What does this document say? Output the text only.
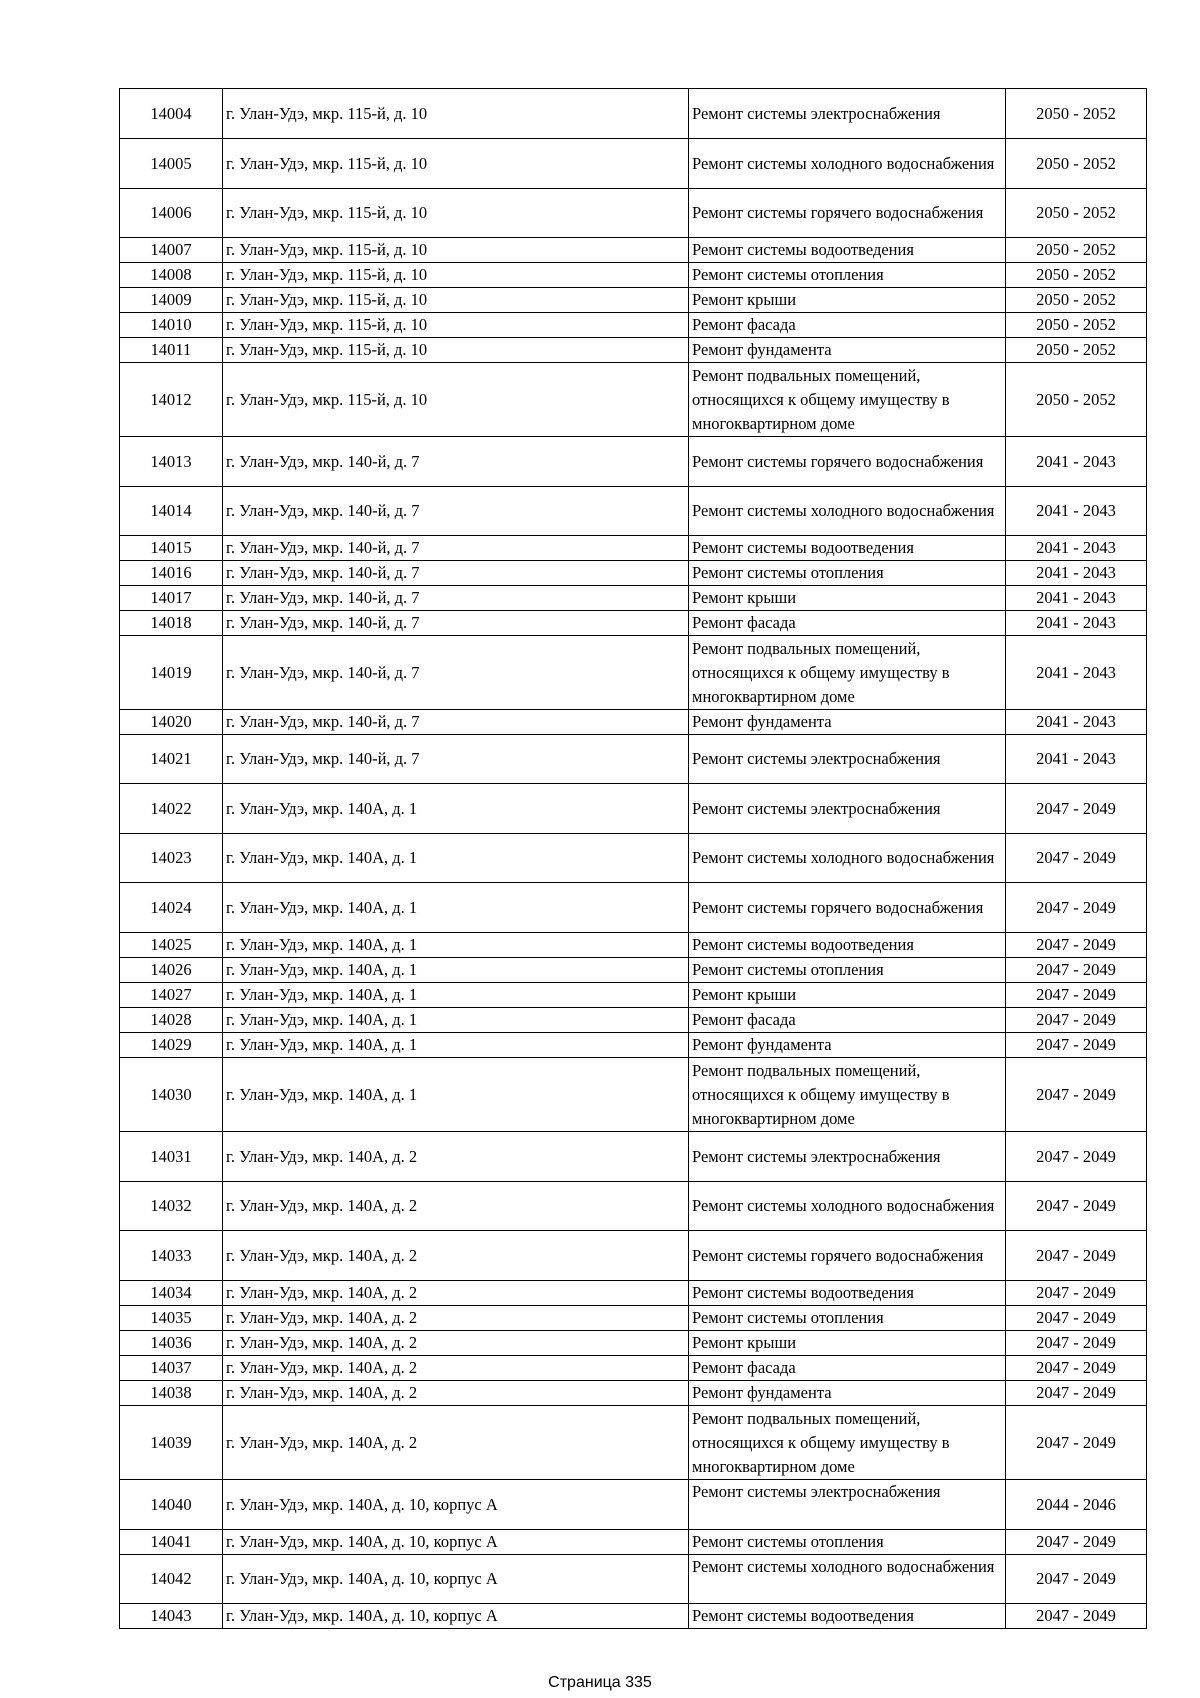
14004	г. Улан-Удэ, мкр. 115-й, д. 10	Ремонт системы электроснабжения	2050 - 2052
14005	г. Улан-Удэ, мкр. 115-й, д. 10	Ремонт системы холодного водоснабжения	2050 - 2052
14006	г. Улан-Удэ, мкр. 115-й, д. 10	Ремонт системы горячего водоснабжения	2050 - 2052
14007	г. Улан-Удэ, мкр. 115-й, д. 10	Ремонт системы водоотведения	2050 - 2052
14008	г. Улан-Удэ, мкр. 115-й, д. 10	Ремонт системы отопления	2050 - 2052
14009	г. Улан-Удэ, мкр. 115-й, д. 10	Ремонт крыши	2050 - 2052
14010	г. Улан-Удэ, мкр. 115-й, д. 10	Ремонт фасада	2050 - 2052
14011	г. Улан-Удэ, мкр. 115-й, д. 10	Ремонт фундамента	2050 - 2052
14012	г. Улан-Удэ, мкр. 115-й, д. 10	Ремонт подвальных помещений, относящихся к общему имуществу в многоквартирном доме	2050 - 2052
14013	г. Улан-Удэ, мкр. 140-й, д. 7	Ремонт системы горячего водоснабжения	2041 - 2043
14014	г. Улан-Удэ, мкр. 140-й, д. 7	Ремонт системы холодного водоснабжения	2041 - 2043
14015	г. Улан-Удэ, мкр. 140-й, д. 7	Ремонт системы водоотведения	2041 - 2043
14016	г. Улан-Удэ, мкр. 140-й, д. 7	Ремонт системы отопления	2041 - 2043
14017	г. Улан-Удэ, мкр. 140-й, д. 7	Ремонт крыши	2041 - 2043
14018	г. Улан-Удэ, мкр. 140-й, д. 7	Ремонт фасада	2041 - 2043
14019	г. Улан-Удэ, мкр. 140-й, д. 7	Ремонт подвальных помещений, относящихся к общему имуществу в многоквартирном доме	2041 - 2043
14020	г. Улан-Удэ, мкр. 140-й, д. 7	Ремонт фундамента	2041 - 2043
14021	г. Улан-Удэ, мкр. 140-й, д. 7	Ремонт системы электроснабжения	2041 - 2043
14022	г. Улан-Удэ, мкр. 140А, д. 1	Ремонт системы электроснабжения	2047 - 2049
14023	г. Улан-Удэ, мкр. 140А, д. 1	Ремонт системы холодного водоснабжения	2047 - 2049
14024	г. Улан-Удэ, мкр. 140А, д. 1	Ремонт системы горячего водоснабжения	2047 - 2049
14025	г. Улан-Удэ, мкр. 140А, д. 1	Ремонт системы водоотведения	2047 - 2049
14026	г. Улан-Удэ, мкр. 140А, д. 1	Ремонт системы отопления	2047 - 2049
14027	г. Улан-Удэ, мкр. 140А, д. 1	Ремонт крыши	2047 - 2049
14028	г. Улан-Удэ, мкр. 140А, д. 1	Ремонт фасада	2047 - 2049
14029	г. Улан-Удэ, мкр. 140А, д. 1	Ремонт фундамента	2047 - 2049
14030	г. Улан-Удэ, мкр. 140А, д. 1	Ремонт подвальных помещений, относящихся к общему имуществу в многоквартирном доме	2047 - 2049
14031	г. Улан-Удэ, мкр. 140А, д. 2	Ремонт системы электроснабжения	2047 - 2049
14032	г. Улан-Удэ, мкр. 140А, д. 2	Ремонт системы холодного водоснабжения	2047 - 2049
14033	г. Улан-Удэ, мкр. 140А, д. 2	Ремонт системы горячего водоснабжения	2047 - 2049
14034	г. Улан-Удэ, мкр. 140А, д. 2	Ремонт системы водоотведения	2047 - 2049
14035	г. Улан-Удэ, мкр. 140А, д. 2	Ремонт системы отопления	2047 - 2049
14036	г. Улан-Удэ, мкр. 140А, д. 2	Ремонт крыши	2047 - 2049
14037	г. Улан-Удэ, мкр. 140А, д. 2	Ремонт фасада	2047 - 2049
14038	г. Улан-Удэ, мкр. 140А, д. 2	Ремонт фундамента	2047 - 2049
14039	г. Улан-Удэ, мкр. 140А, д. 2	Ремонт подвальных помещений, относящихся к общему имуществу в многоквартирном доме	2047 - 2049
14040	г. Улан-Удэ, мкр. 140А, д. 10, корпус А	Ремонт системы электроснабжения	2044 - 2046
14041	г. Улан-Удэ, мкр. 140А, д. 10, корпус А	Ремонт системы отопления	2047 - 2049
14042	г. Улан-Удэ, мкр. 140А, д. 10, корпус А	Ремонт системы холодного водоснабжения	2047 - 2049
14043	г. Улан-Удэ, мкр. 140А, д. 10, корпус А	Ремонт системы водоотведения	2047 - 2049
Страница 335
